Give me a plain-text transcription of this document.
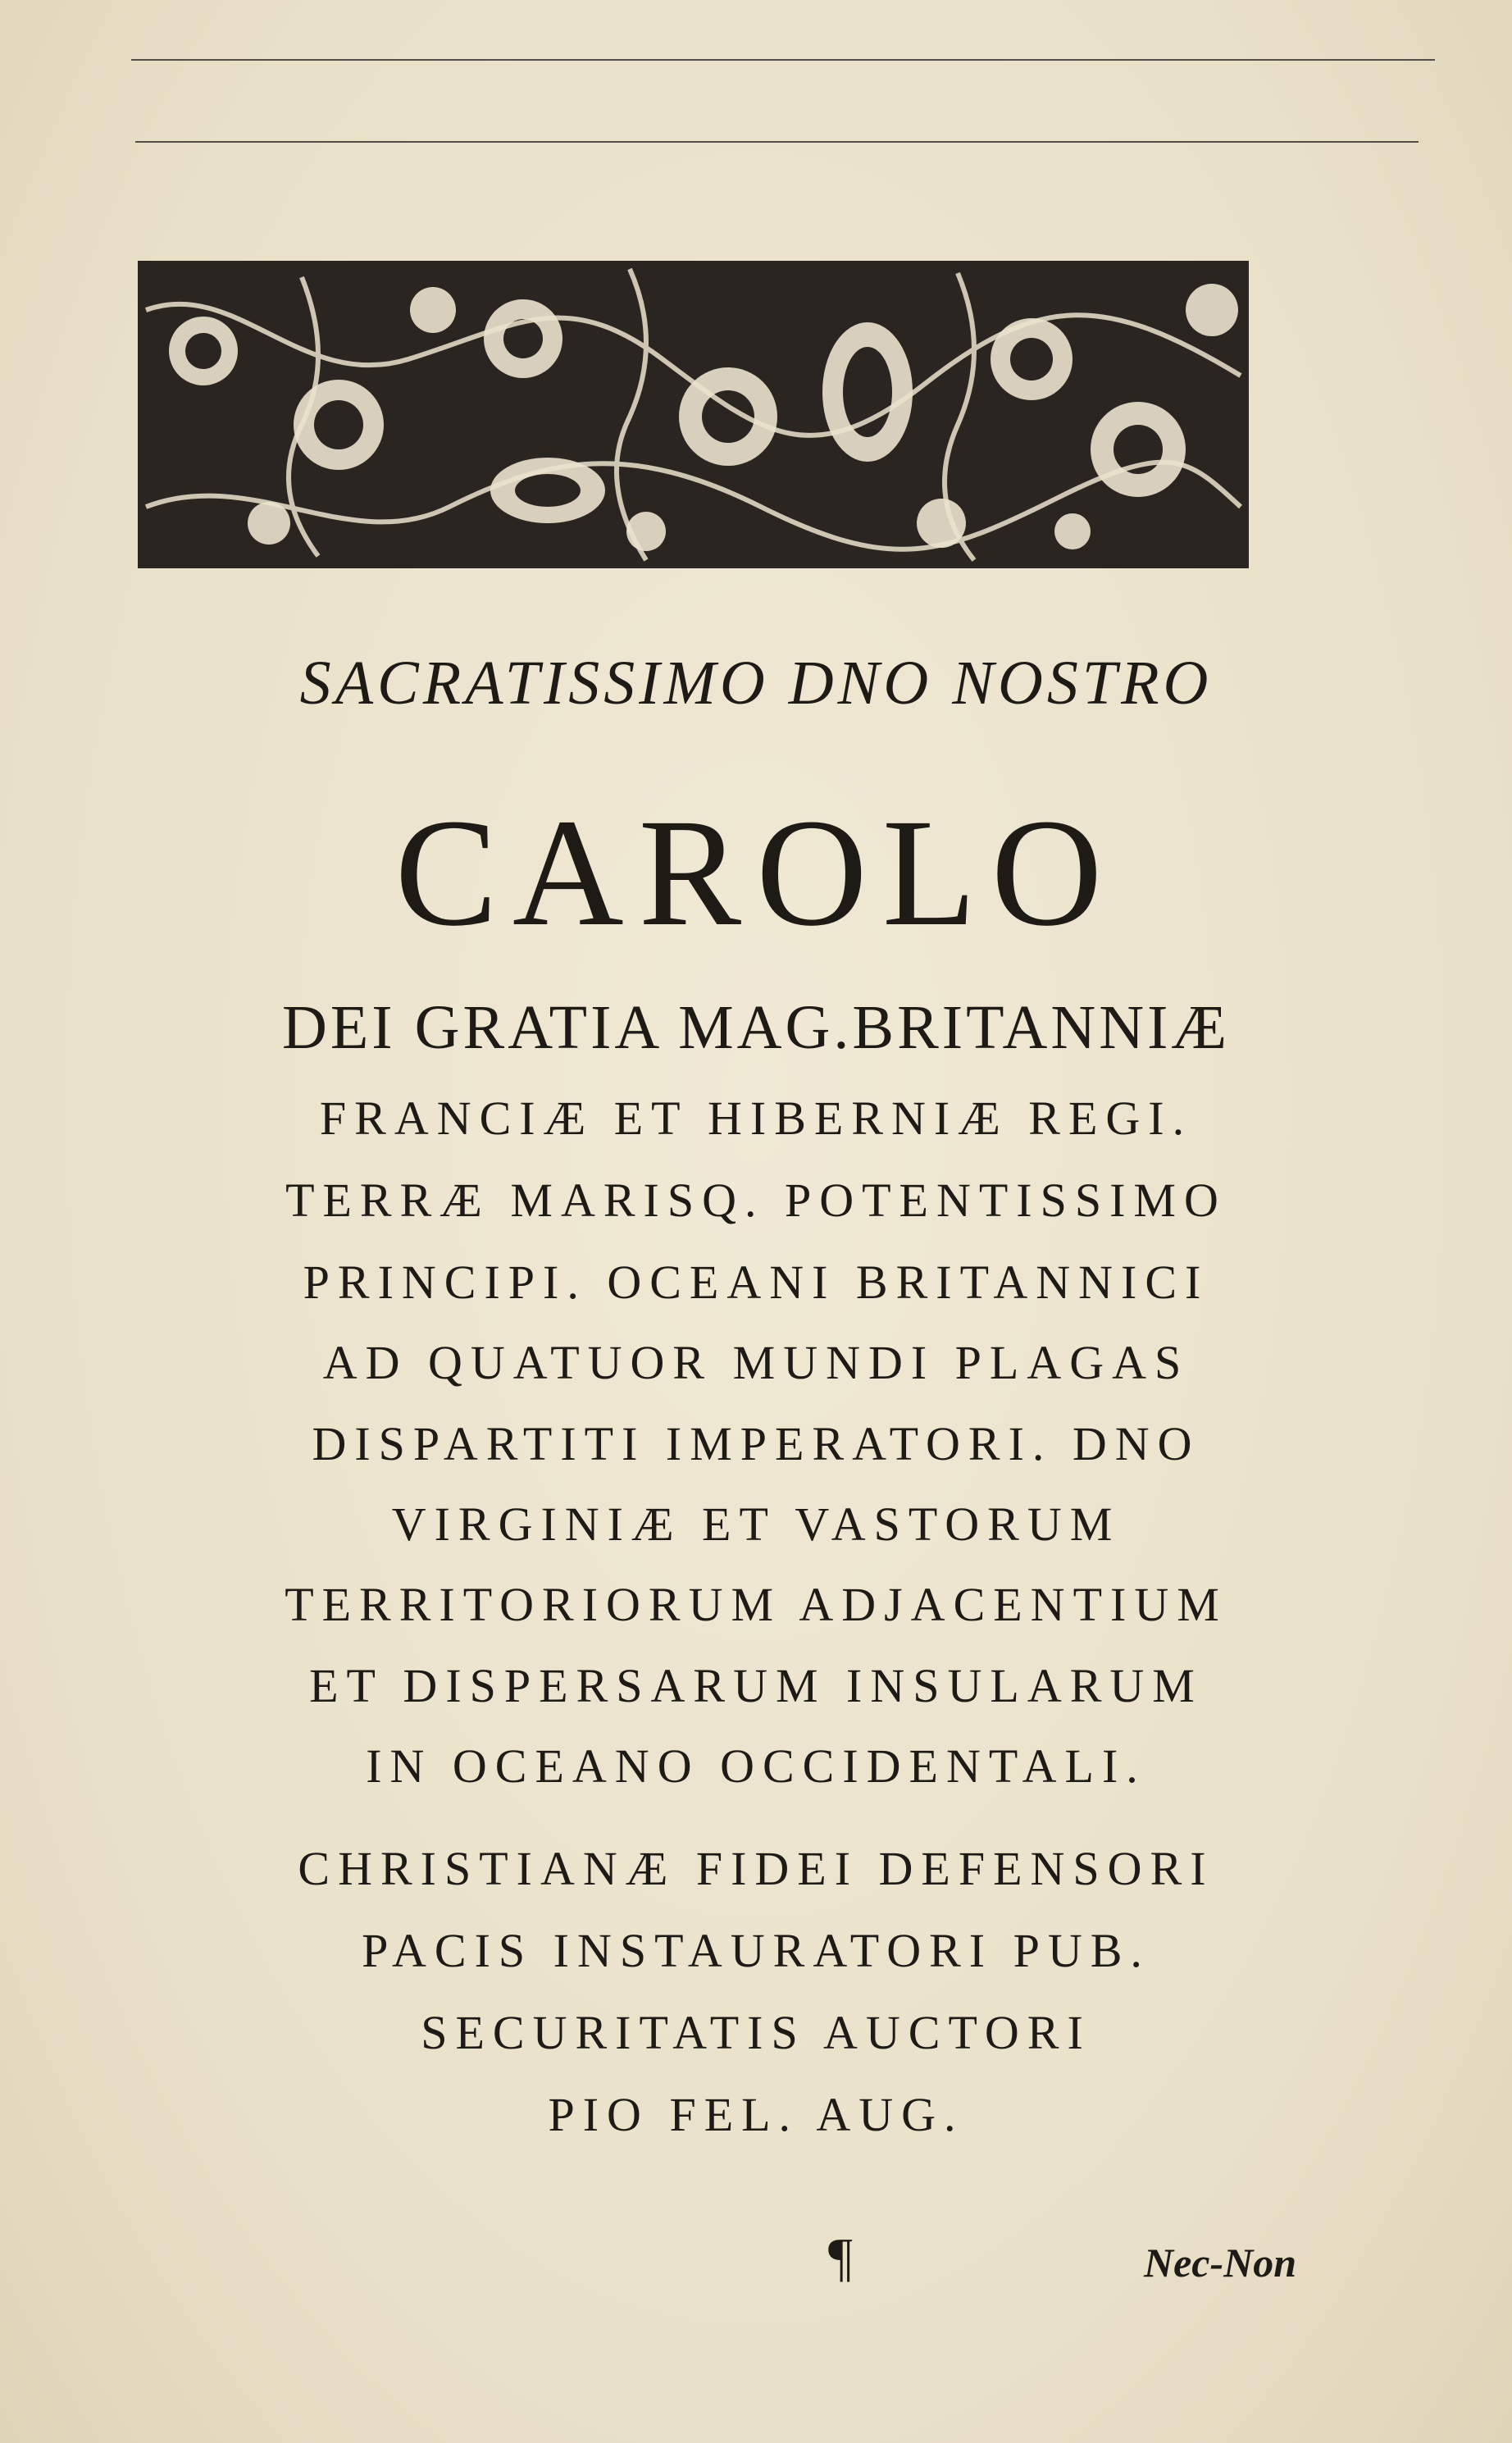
SACRATISSIMO DNO NOSTRO
CAROLO
DEI GRATIA MAG.BRITANNIÆ
FRANCIÆ ET HIBERNIÆ REGI.
TERRÆ MARISQ. POTENTISSIMO
PRINCIPI. OCEANI BRITANNICI
AD QUATUOR MUNDI PLAGAS
DISPARTITI IMPERATORI. DNO
VIRGINIÆ ET VASTORUM
TERRITORIORUM ADJACENTIUM
ET DISPERSARUM INSULARUM
IN OCEANO OCCIDENTALI.
CHRISTIANÆ FIDEI DEFENSORI
PACIS INSTAURATORI PUB.
SECURITATIS AUCTORI
PIO FEL. AUG.
¶	Nec-Non
